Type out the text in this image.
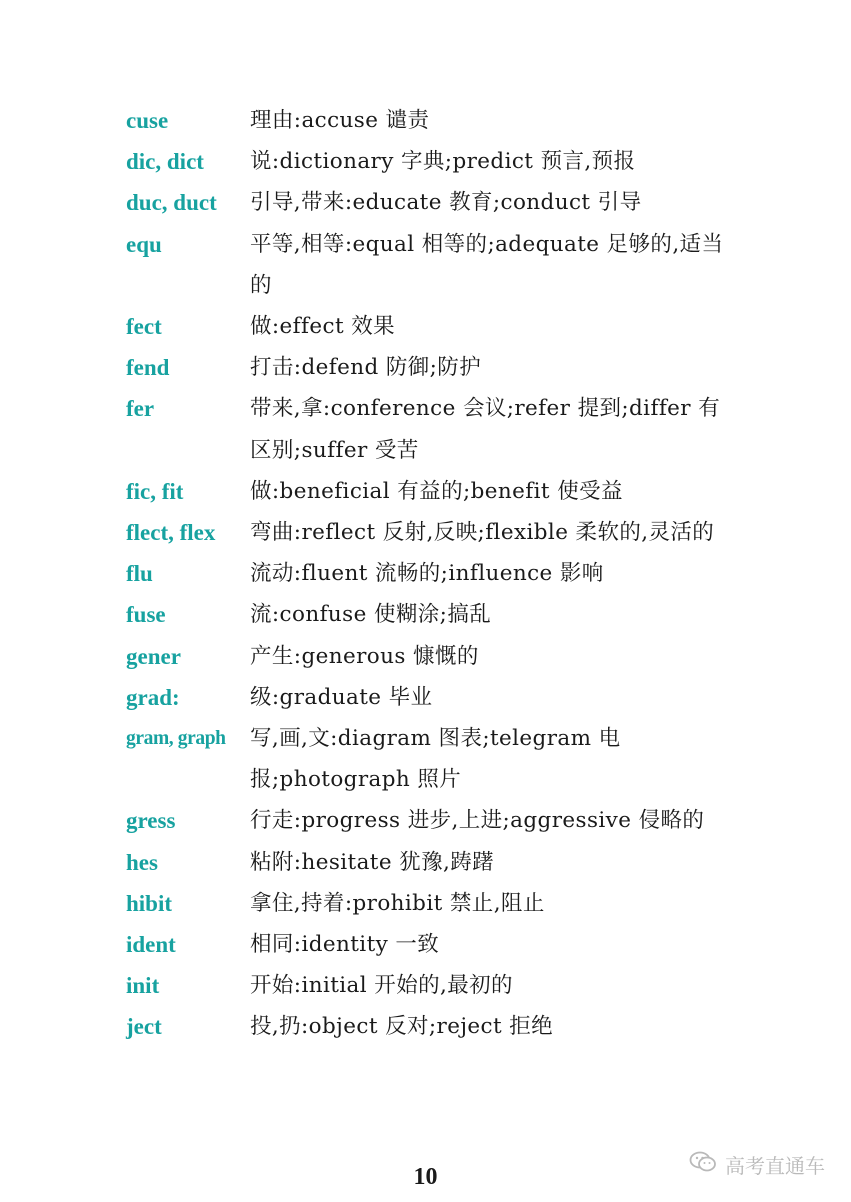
cuse	理由:accuse 谴责
dic, dict	说:dictionary 字典;predict 预言,预报
duc, duct	引导,带来:educate 教育;conduct 引导
equ	平等,相等:equal 相等的;adequate 足够的,适当的
fect	做:effect 效果
fend	打击:defend 防御;防护
fer	带来,拿:conference 会议;refer 提到;differ 有区别;suffer 受苦
fic, fit	做:beneficial 有益的;benefit 使受益
flect, flex	弯曲:reflect 反射,反映;flexible 柔软的,灵活的
flu	流动:fluent 流畅的;influence 影响
fuse	流:confuse 使糊涂;搞乱
gener	产生:generous 慷慨的
grad:	级:graduate 毕业
gram, graph	写,画,文:diagram 图表;telegram 电报;photograph 照片
gress	行走:progress 进步,上进;aggressive 侵略的
hes	粘附:hesitate 犹豫,踌躇
hibit	拿住,持着:prohibit 禁止,阻止
ident	相同:identity 一致
init	开始:initial 开始的,最初的
ject	投,扔:object 反对;reject 拒绝
10	高考直通车
